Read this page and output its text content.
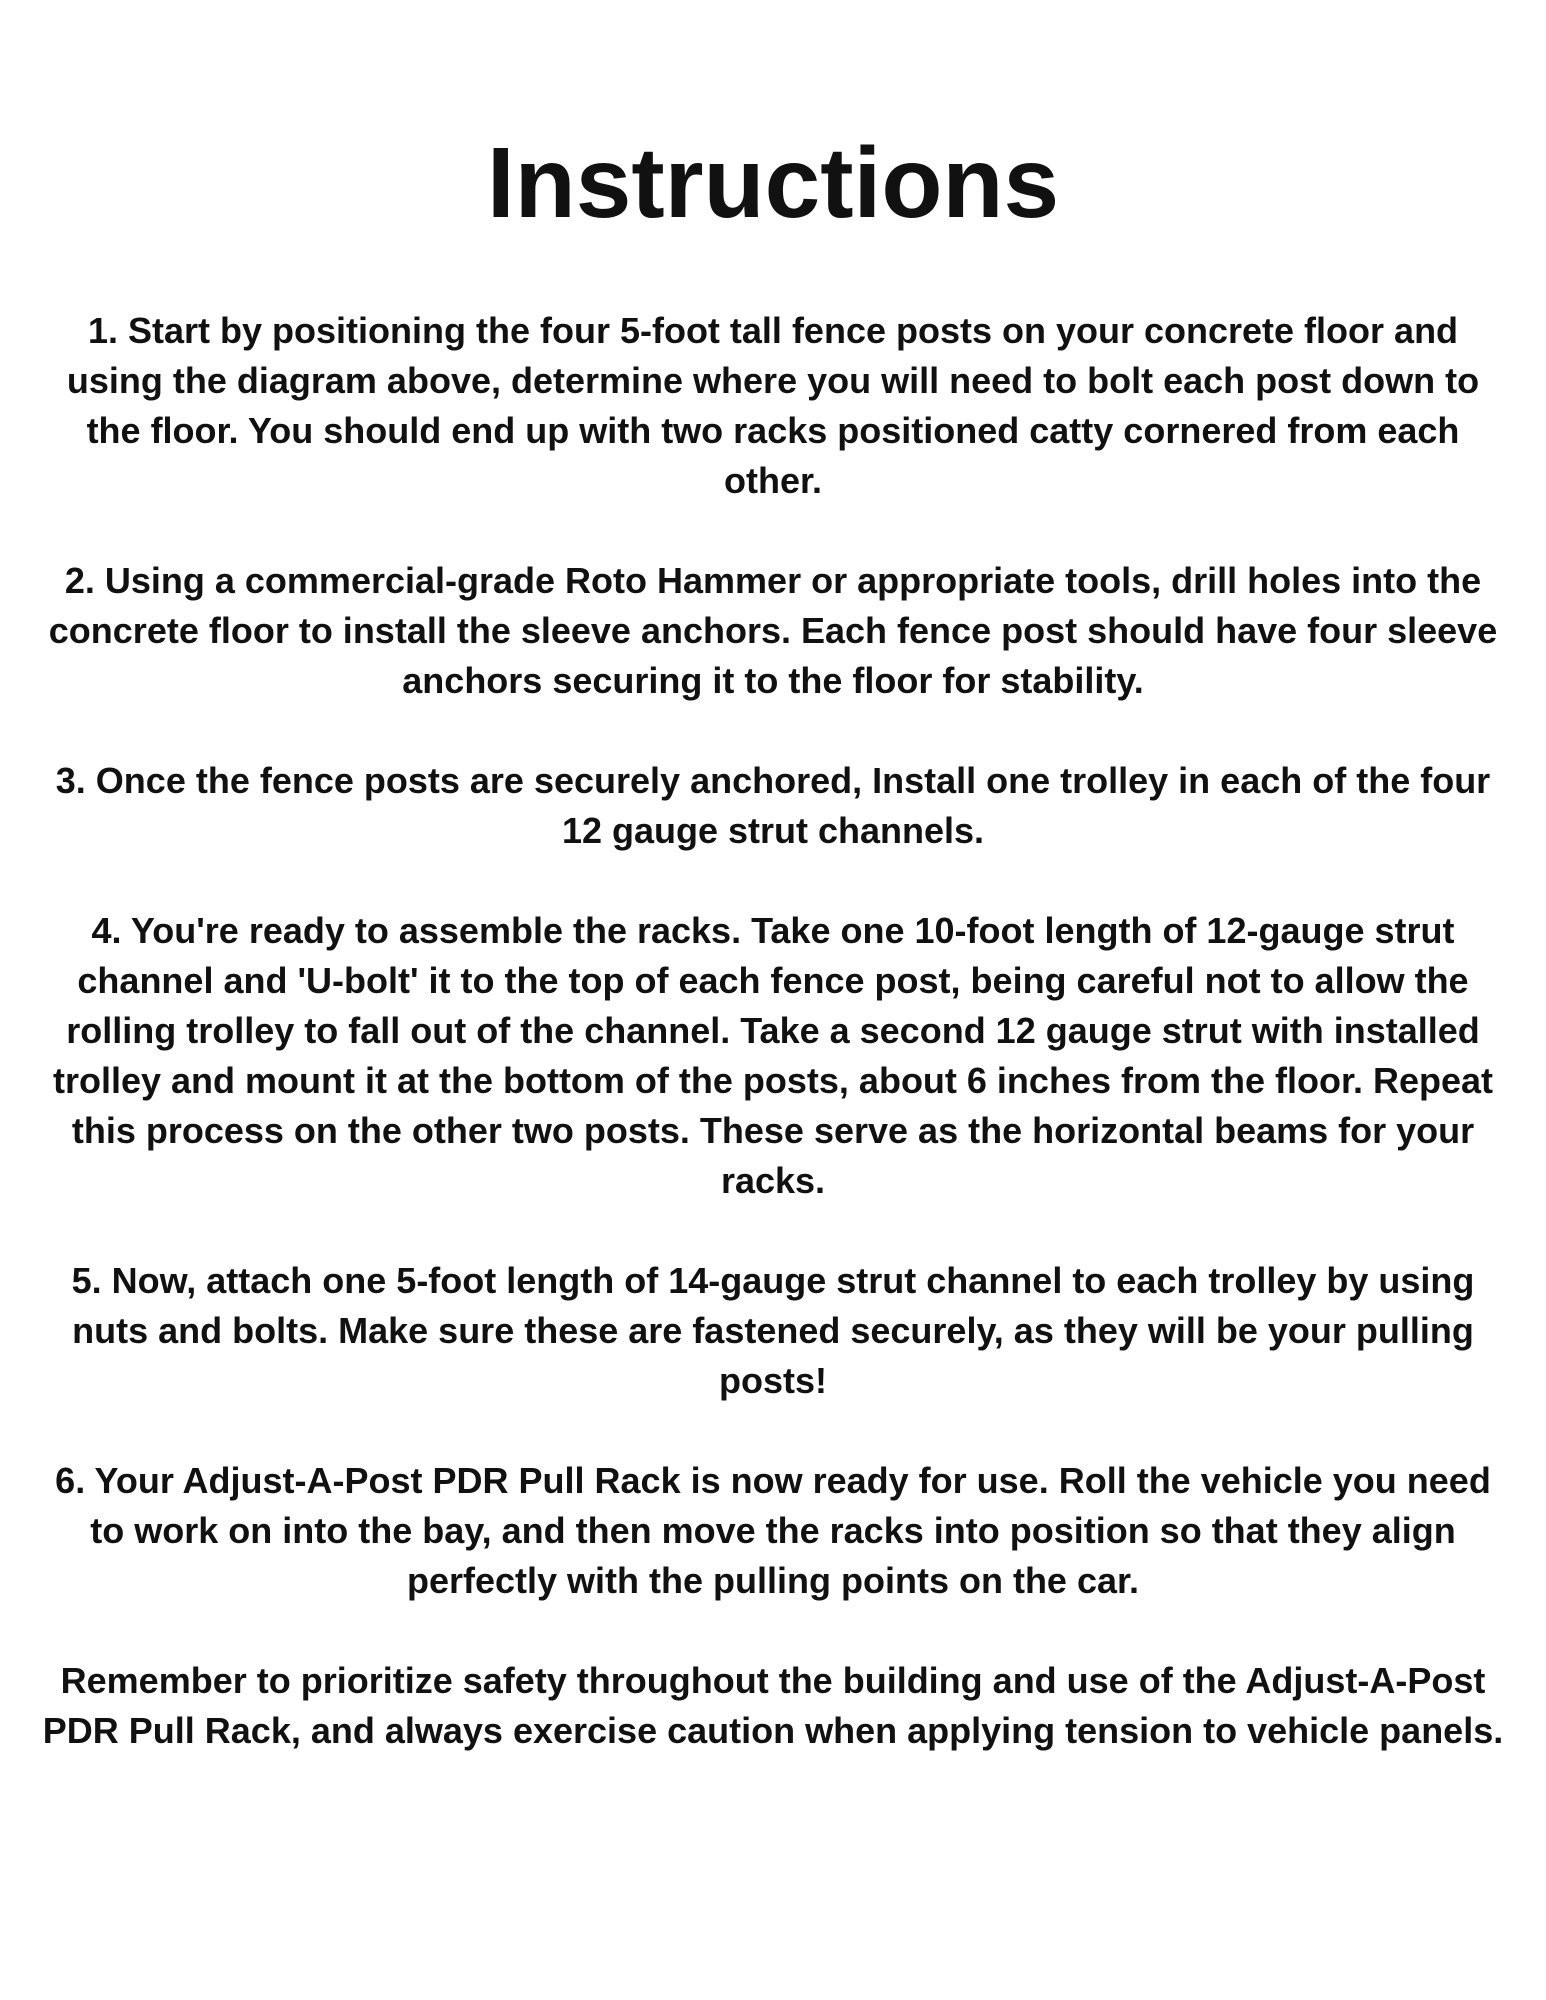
Instructions

1. Start by positioning the four 5-foot tall fence posts on your concrete floor and using the diagram above, determine where you will need to bolt each post down to the floor. You should end up with two racks positioned catty cornered from each other.

2. Using a commercial-grade Roto Hammer or appropriate tools, drill holes into the concrete floor to install the sleeve anchors. Each fence post should have four sleeve anchors securing it to the floor for stability.

3. Once the fence posts are securely anchored, Install one trolley in each of the four 12 gauge strut channels.

4. You're ready to assemble the racks. Take one 10-foot length of 12-gauge strut channel and 'U-bolt' it to the top of each fence post, being careful not to allow the rolling trolley to fall out of the channel. Take a second 12 gauge strut with installed trolley and mount it at the bottom of the posts, about 6 inches from the floor. Repeat this process on the other two posts. These serve as the horizontal beams for your racks.

5. Now, attach one 5-foot length of 14-gauge strut channel to each trolley by using nuts and bolts. Make sure these are fastened securely, as they will be your pulling posts!

6. Your Adjust-A-Post PDR Pull Rack is now ready for use. Roll the vehicle you need to work on into the bay, and then move the racks into position so that they align perfectly with the pulling points on the car.

Remember to prioritize safety throughout the building and use of the Adjust-A-Post PDR Pull Rack, and always exercise caution when applying tension to vehicle panels.
